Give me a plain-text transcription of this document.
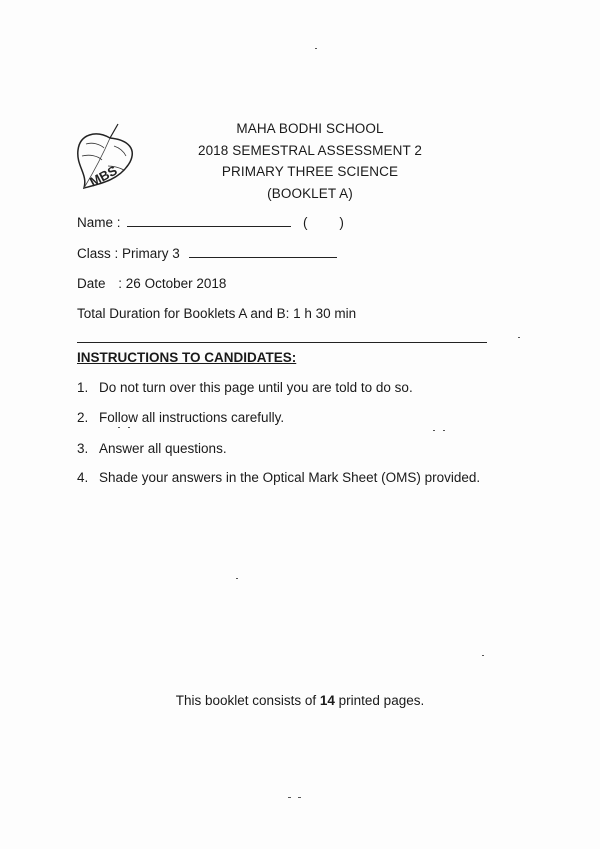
MBS
MAHA BODHI SCHOOL
2018 SEMESTRAL ASSESSMENT 2
PRIMARY THREE SCIENCE
(BOOKLET A)
Name :	( )
Class : Primary 3
Date : 26 October 2018
Total Duration for Booklets A and B: 1 h 30 min
INSTRUCTIONS TO CANDIDATES:
1. Do not turn over this page until you are told to do so.
2. Follow all instructions carefully.
3. Answer all questions.
4. Shade your answers in the Optical Mark Sheet (OMS) provided.
This booklet consists of 14 printed pages.
